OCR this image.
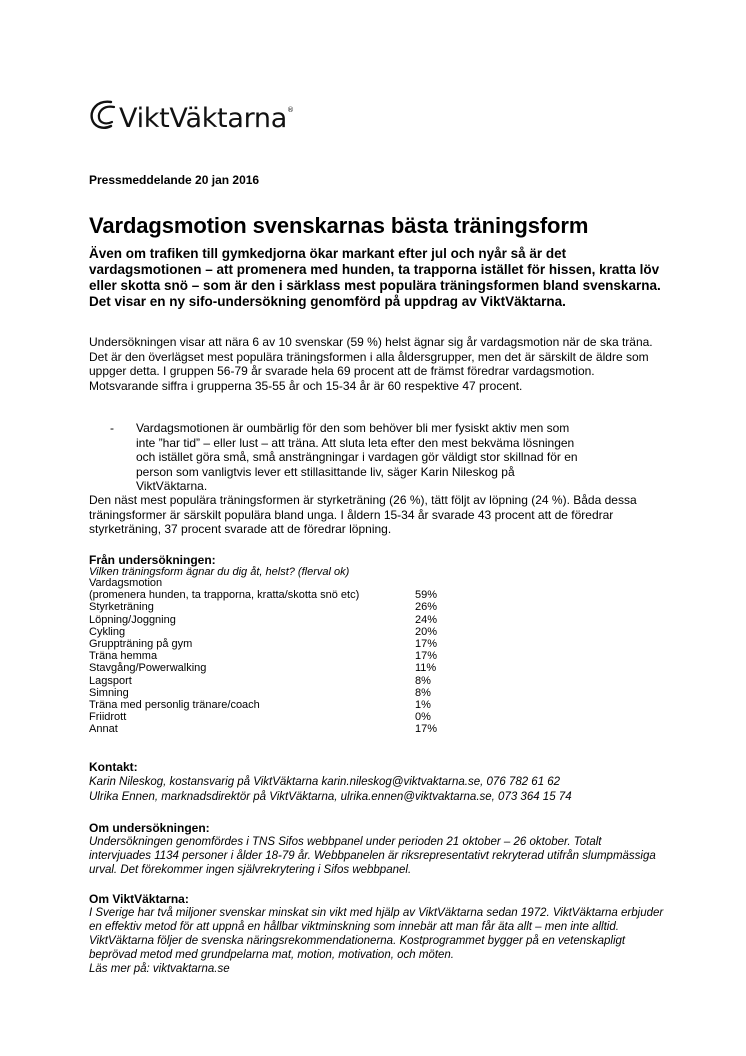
ViktVäktarna®
Pressmeddelande 20 jan 2016
Vardagsmotion svenskarnas bästa träningsform

Även om trafiken till gymkedjorna ökar markant efter jul och nyår så är det vardagsmotionen – att promenera med hunden, ta trapporna istället för hissen, kratta löv eller skotta snö – som är den i särklass mest populära träningsformen bland svenskarna. Det visar en ny sifo-undersökning genomförd på uppdrag av ViktVäktarna.

Undersökningen visar att nära 6 av 10 svenskar (59 %) helst ägnar sig år vardagsmotion när de ska träna. Det är den överlägset mest populära träningsformen i alla åldersgrupper, men det är särskilt de äldre som uppger detta. I gruppen 56-79 år svarade hela 69 procent att de främst föredrar vardagsmotion. Motsvarande siffra i grupperna 35-55 år och 15-34 år är 60 respektive 47 procent.

-	Vardagsmotionen är oumbärlig för den som behöver bli mer fysiskt aktiv men som inte ”har tid” – eller lust – att träna. Att sluta leta efter den mest bekväma lösningen och istället göra små, små ansträngningar i vardagen gör väldigt stor skillnad för en person som vanligtvis lever ett stillasittande liv, säger Karin Nileskog på ViktVäktarna.

Den näst mest populära träningsformen är styrketräning (26 %), tätt följt av löpning (24 %). Båda dessa träningsformer är särskilt populära bland unga. I åldern 15-34 år svarade 43 procent att de föredrar styrketräning, 37 procent svarade att de föredrar löpning.

Från undersökningen:

Vilken träningsform ägnar du dig åt, helst? (flerval ok)

Vardagsmotion
(promenera hunden, ta trapporna, kratta/skotta snö etc)	59%
Styrketräning	26%
Löpning/Joggning	24%
Cykling	20%
Gruppträning på gym	17%
Träna hemma	17%
Stavgång/Powerwalking	11%
Lagsport	8%
Simning	8%
Träna med personlig tränare/coach	1%
Friidrott	0%
Annat	17%

Kontakt:

Karin Nileskog, kostansvarig på ViktVäktarna karin.nileskog@viktvaktarna.se, 076 782 61 62

Ulrika Ennen, marknadsdirektör på ViktVäktarna, ulrika.ennen@viktvaktarna.se, 073 364 15 74

Om undersökningen:

Undersökningen genomfördes i TNS Sifos webbpanel under perioden 21 oktober – 26 oktober. Totalt intervjuades 1134 personer i ålder 18-79 år. Webbpanelen är riksrepresentativt rekryterad utifrån slumpmässiga urval. Det förekommer ingen självrekrytering i Sifos webbpanel.

Om ViktVäktarna:

I Sverige har två miljoner svenskar minskat sin vikt med hjälp av ViktVäktarna sedan 1972. ViktVäktarna erbjuder en effektiv metod för att uppnå en hållbar viktminskning som innebär att man får äta allt – men inte alltid. ViktVäktarna följer de svenska näringsrekommendationerna. Kostprogrammet bygger på en vetenskapligt beprövad metod med grundpelarna mat, motion, motivation, och möten.

Läs mer på: viktvaktarna.se
